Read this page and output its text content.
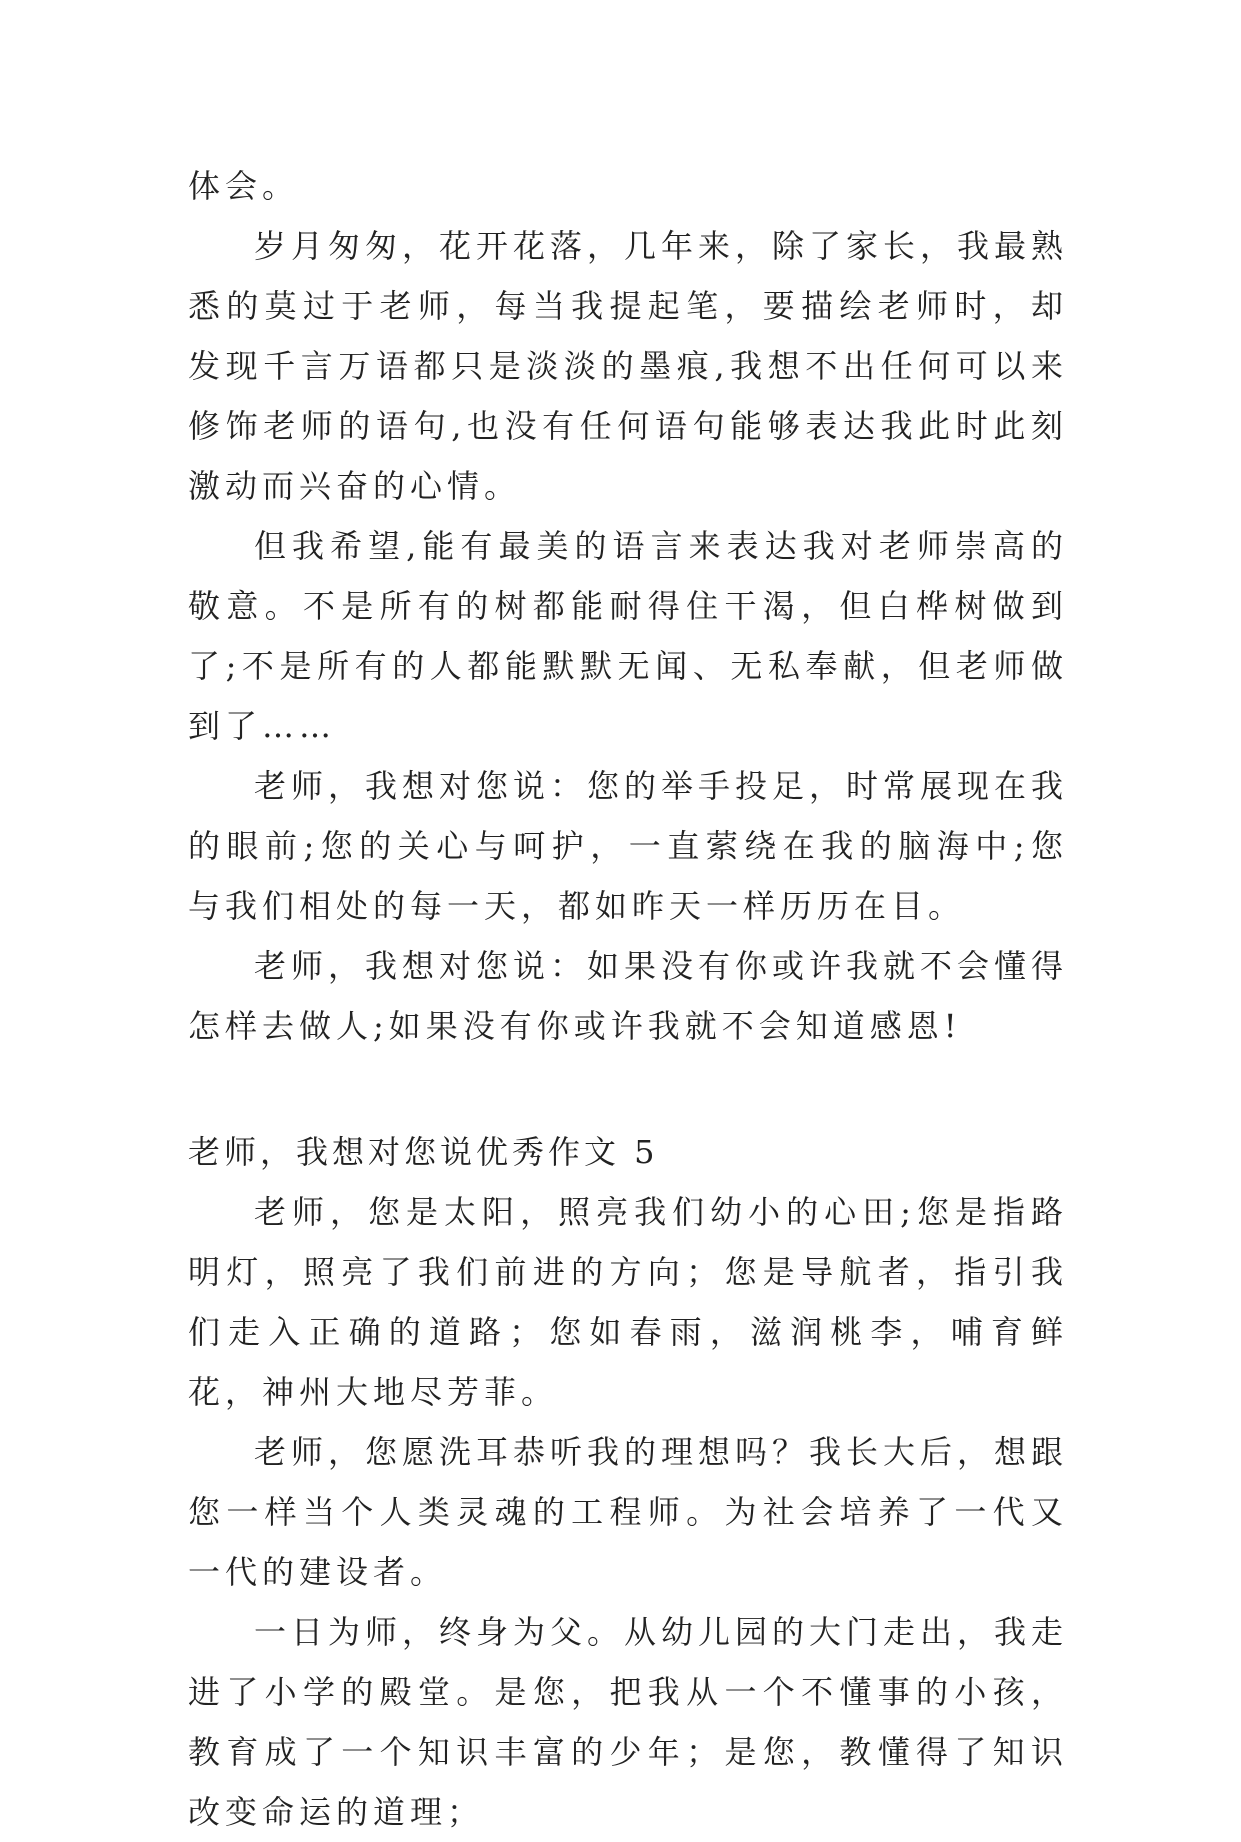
体会。

岁月匆匆，花开花落，几年来，除了家长，我最熟悉的莫过于老师，每当我提起笔，要描绘老师时，却发现千言万语都只是淡淡的墨痕,我想不出任何可以来修饰老师的语句,也没有任何语句能够表达我此时此刻激动而兴奋的心情。

但我希望,能有最美的语言来表达我对老师崇高的敬意。不是所有的树都能耐得住干渴，但白桦树做到了;不是所有的人都能默默无闻、无私奉献，但老师做到了……

老师，我想对您说：您的举手投足，时常展现在我的眼前;您的关心与呵护，一直萦绕在我的脑海中;您与我们相处的每一天，都如昨天一样历历在目。

老师，我想对您说：如果没有你或许我就不会懂得怎样去做人;如果没有你或许我就不会知道感恩!

老师，我想对您说优秀作文 5

老师，您是太阳，照亮我们幼小的心田;您是指路明灯，照亮了我们前进的方向；您是导航者，指引我们走入正确的道路；您如春雨，滋润桃李，哺育鲜花，神州大地尽芳菲。

老师，您愿洗耳恭听我的理想吗？我长大后，想跟您一样当个人类灵魂的工程师。为社会培养了一代又一代的建设者。

一日为师，终身为父。从幼儿园的大门走出，我走进了小学的殿堂。是您，把我从一个不懂事的小孩，教育成了一个知识丰富的少年；是您，教懂得了知识改变命运的道理；
